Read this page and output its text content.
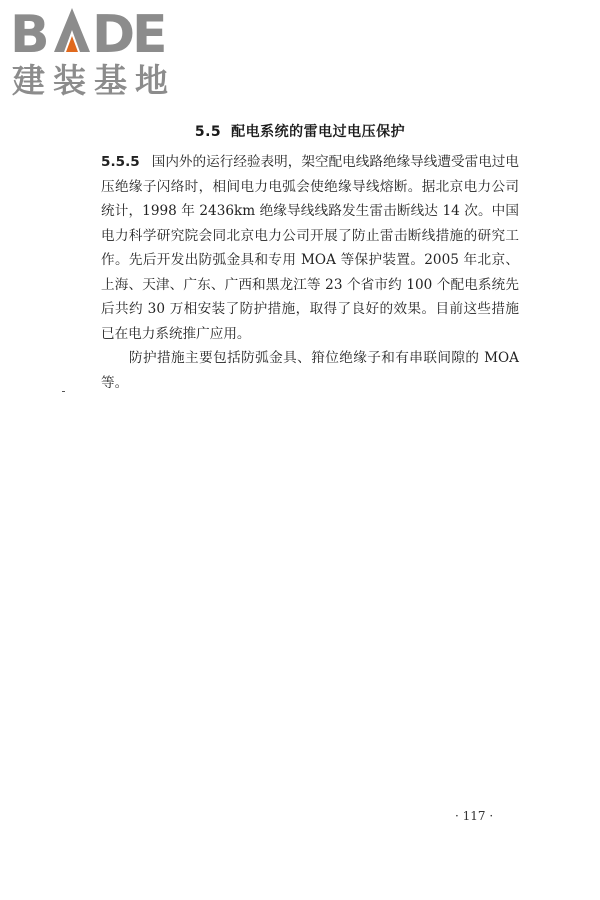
B D
E
建装基地
5.5 配电系统的雷电过电压保护

5.5.5 国内外的运行经验表明，架空配电线路绝缘导线遭受雷电过电压绝缘子闪络时，相间电力电弧会使绝缘导线熔断。据北京电力公司统计，1998 年 2436km 绝缘导线线路发生雷击断线达 14 次。中国电力科学研究院会同北京电力公司开展了防止雷击断线措施的研究工作。先后开发出防弧金具和专用 MOA 等保护装置。2005 年北京、上海、天津、广东、广西和黑龙江等 23 个省市约 100 个配电系统先后共约 30 万相安装了防护措施，取得了良好的效果。目前这些措施已在电力系统推广应用。

防护措施主要包括防弧金具、箝位绝缘子和有串联间隙的 MOA 等。

· 117 ·
